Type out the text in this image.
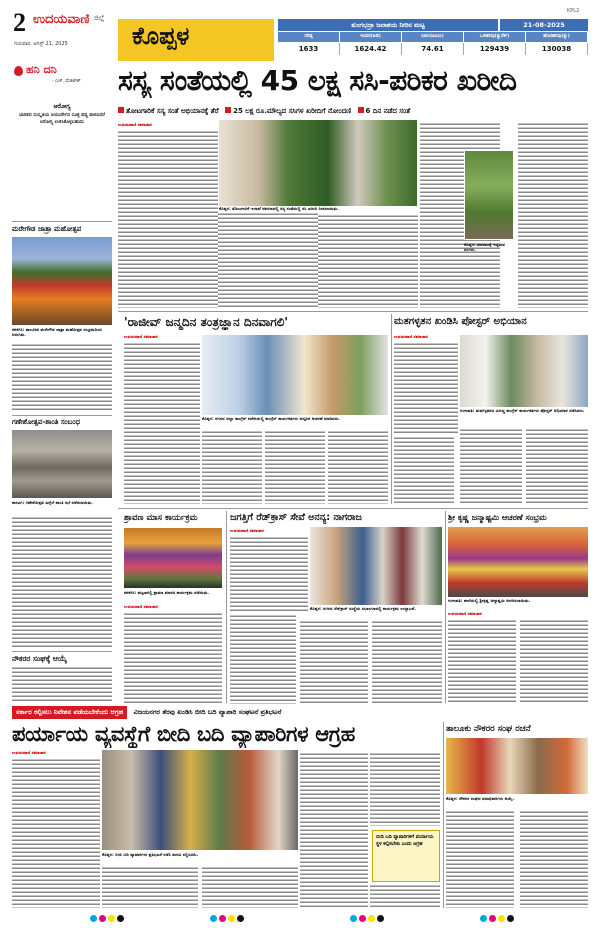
2 ಉದಯವಾಣಿ ಜಿಲ್ಲೆ
ಗುರುವಾರ, ಆಗಸ್ಟ್ 21, 2025	ಕೊಪ್ಪಳ	ತುಂಗಭದ್ರಾ ಜಲಾಶಯ ನೀರಿನ ಮಟ್ಟ	21-08-2025
ಗರಿಷ್ಠ	ಇಂದಿನ(ಅಡಿ)	ನೀರು(ಟಿಎಂಸಿ)	ಒಳಹರಿವು(ಕ್ಯುಸೆಕ್)	ಹೊರಹರಿವು(ಕ್ಯು)
1633	1624.42	74.61	129439	130038
KPL2
ಹನಿ ದನಿ
- ಎಚ್. ವೆಂಕಟೇಶ್
ಆರೋಗ್ಯ
ಭಾರತದ ಸಂಸ್ಕೃತಿಯ ಆಯುರ್ವೇದ ಸೂತ್ರ ಪಥ್ಯ ಪಾಲಿಸಿದರೆ ಆರೋಗ್ಯ ಉಳಿಸಿಕೊಳ್ಳಬಹುದು
ಮರೇಗೌಡ ಜಾತ್ರಾ ಮಹೋತ್ಸವ
ಕನಕಗಿರಿ: ತಾಲೂಕಿನ ಮರೇಗೌಡ ಜಾತ್ರಾ ಮಹೋತ್ಸವ ಸಂಭ್ರಮದಿಂದ ಜರುಗಿತು.
ಗಣೇಶೋತ್ಸವ-ಶಾಂತಿ ಸಂಬಂಧ
ಕಾರಟಗಿ: ಗಣೇಶೋತ್ಸವ ಹಿನ್ನೆಲೆ ಶಾಂತಿ ಸಭೆ ನಡೆಸಲಾಯಿತು.
ನೌಕರರ ಸಂಘಕ್ಕೆ ಆಯ್ಕೆ
ಸಸ್ಯ ಸಂತೆಯಲ್ಲಿ 45 ಲಕ್ಷ ಸಸಿ-ಪರಿಕರ ಖರೀದಿ
ತೋಟಗಾರಿಕೆ ಸಸ್ಯ ಸಂತೆ ಅಭಿಯಾನಕ್ಕೆ ತೆರೆ 25 ಲಕ್ಷ ರೂ.ಮೌಲ್ಯದ ಸಸಿಗಳ ಖರೀದಿಗೆ ನೋಂದಣಿ 6 ದಿನ ನಡೆದ ಸಂತೆ
ಉದಯವಾಣಿ ಸಮಾಚಾರ
ಕೊಪ್ಪಳ: ತೋಟಗಾರಿಕೆ ಇಲಾಖೆ ಆವರಣದಲ್ಲಿ ಸಸ್ಯ ಸಂತೆಯಲ್ಲಿ ಸಸಿ ಖರೀದಿ ನೀಡಲಾಯಿತು.
ಕೊಪ್ಪಳ: ಮಾರಾಟಕ್ಕೆ ಇಟ್ಟಿರುವ ಸಸಿಗಳು.
'ರಾಜೀವ್ ಜನ್ಮದಿನ ತಂತ್ರಜ್ಞಾನ ದಿನವಾಗಲಿ'
ಉದಯವಾಣಿ ಸಮಾಚಾರ
ಕೊಪ್ಪಳ: ನಗರದ ಜಿಲ್ಲಾ ಕಾಂಗ್ರೆಸ್ ಕಚೇರಿಯಲ್ಲಿ ಕಾಂಗ್ರೆಸ್ ಕಾರ್ಯಕರ್ತರು ಜನ್ಮದಿನ ಆಚರಣೆ ಮಾಡಿದರು.
ಮತಗಳ್ಳತನ ಖಂಡಿಸಿ ಪೋಸ್ಟರ್ ಅಭಿಯಾನ
ಉದಯವಾಣಿ ಸಮಾಚಾರ
ಗಂಗಾವತಿ: ಮತಗಳ್ಳತನದ ವಿರುದ್ಧ ಕಾಂಗ್ರೆಸ್ ಕಾರ್ಯಕರ್ತರು ಪೋಸ್ಟರ್ ಅಭಿಯಾನ ನಡೆಸಿದರು.
ಶ್ರಾವಣ ಮಾಸ ಕಾರ್ಯಕ್ರಮ
ಕನಕಗಿರಿ: ಪಟ್ಟಣದಲ್ಲಿ ಶ್ರಾವಣ ಮಾಸದ ಕಾರ್ಯಕ್ರಮ ನಡೆಯಿತು.
ಉದಯವಾಣಿ ಸಮಾಚಾರ
ಜಗತ್ತಿಗೆ ರೆಡ್‌ಕ್ರಾಸ್ ಸೇವೆ ಅನನ್ಯ: ನಾಗರಾಜ
ಉದಯವಾಣಿ ಸಮಾಚಾರ
ಕೊಪ್ಪಳ: ನಗರದ ರೆಡ್‌ಕ್ರಾಸ್ ಸಂಸ್ಥೆಯ ಸಭಾಂಗಣದಲ್ಲಿ ಕಾರ್ಯಕ್ರಮ ಉದ್ಘಾಟನೆ.
ಶ್ರೀ ಕೃಷ್ಣ ಜನ್ಮಾಷ್ಟಮಿ ಆಚರಣೆ ಸಂಭ್ರಮ
ಗಂಗಾವತಿ: ಶಾಲೆಯಲ್ಲಿ ಶ್ರೀಕೃಷ್ಣ ಜನ್ಮಾಷ್ಟಮಿ ಆಚರಿಸಲಾಯಿತು.
ಉದಯವಾಣಿ ಸಮಾಚಾರ
ಸರ್ಕಾರ ಕಲ್ಪಿಸಲು ನಿವೇಶನ ಪಡೆಯಬೇಕೆಂದು ಆಗ್ರಹ ವಿಜಯನಗರ ತೆರವು ಖಂಡಿಸಿ ಬೀದಿ ಬದಿ ವ್ಯಾಪಾರಿ ಸಂಘಟನೆ ಪ್ರತಿಭಟನೆ
ಪರ್ಯಾಯ ವ್ಯವಸ್ಥೆಗೆ ಬೀದಿ ಬದಿ ವ್ಯಾಪಾರಿಗಳ ಆಗ್ರಹ
ಉದಯವಾಣಿ ಸಮಾಚಾರ
ಕೊಪ್ಪಳ: ಬೀದಿ ಬದಿ ವ್ಯಾಪಾರಿಗಳು ಪ್ರತಿಭಟನೆ ನಡೆಸಿ ಮನವಿ ಸಲ್ಲಿಸಿದರು.
ಬೀದಿ ಬದಿ ವ್ಯಾಪಾರಿಗಳಿಗೆ ಪರ್ಯಾಯ ಸ್ಥಳ ಕಲ್ಪಿಸಬೇಕು ಎಂದು ಆಗ್ರಹ
ತಾಲೂಕು ನೌಕರರ ಸಂಘ ರಚನೆ
ಕೊಪ್ಪಳ: ನೌಕರರ ಸಂಘದ ಪದಾಧಿಕಾರಿಗಳು ಆಯ್ಕೆ.
